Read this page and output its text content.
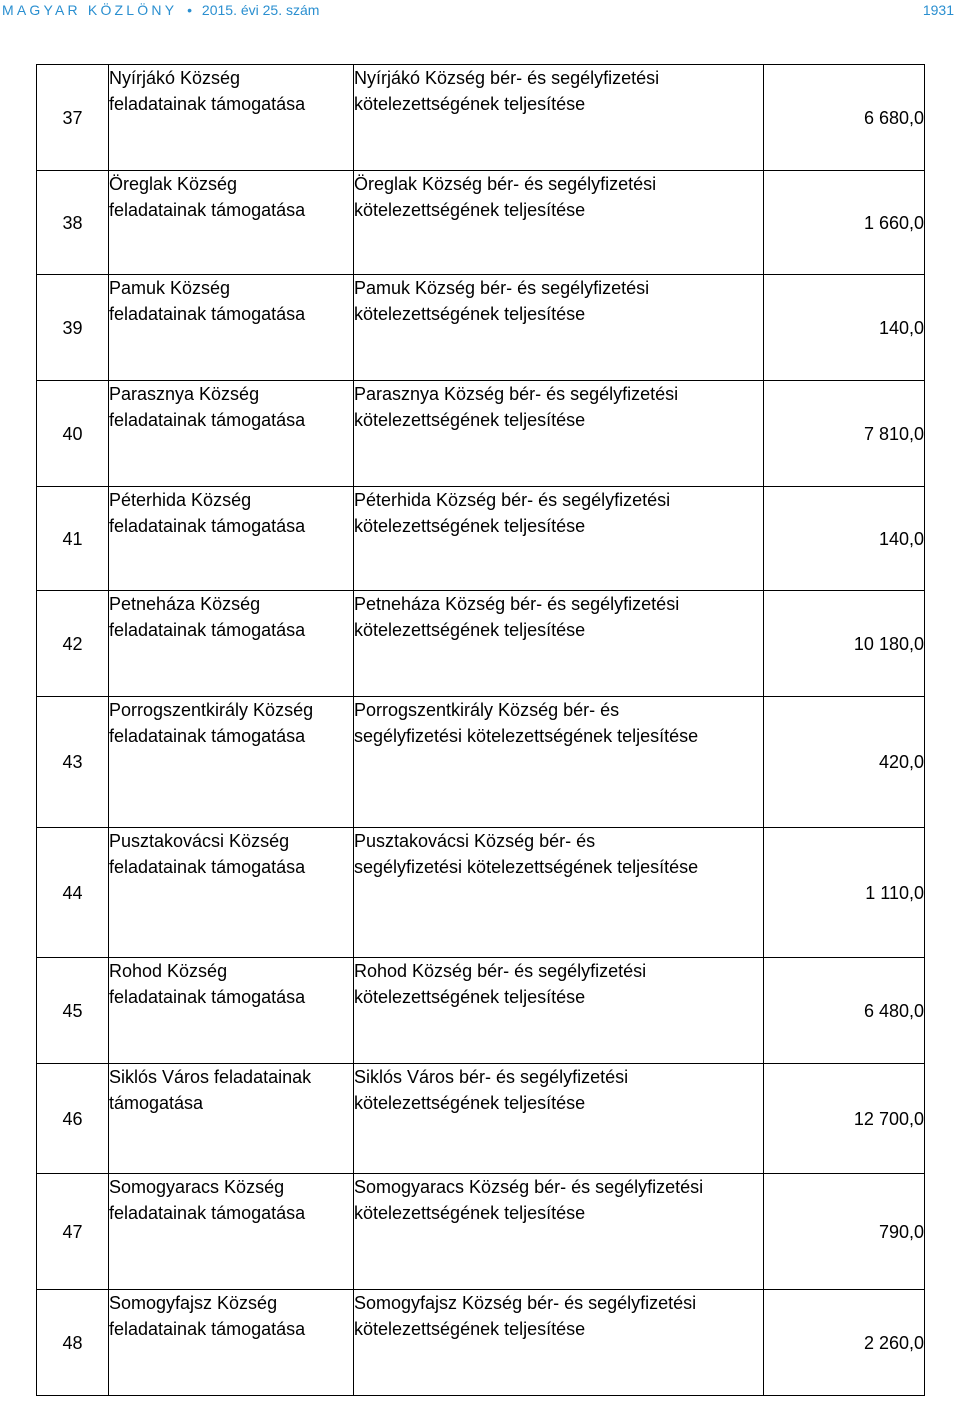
MAGYAR KÖZLÖNY • 2015. évi 25. szám	1931
37	Nyírjákó Község
feladatainak támogatása	Nyírjákó Község bér- és segélyfizetési
kötelezettségének teljesítése	6 680,0
38	Öreglak Község
feladatainak támogatása	Öreglak Község bér- és segélyfizetési
kötelezettségének teljesítése	1 660,0
39	Pamuk Község
feladatainak támogatása	Pamuk Község bér- és segélyfizetési
kötelezettségének teljesítése	140,0
40	Parasznya Község
feladatainak támogatása	Parasznya Község bér- és segélyfizetési
kötelezettségének teljesítése	7 810,0
41	Péterhida Község
feladatainak támogatása	Péterhida Község bér- és segélyfizetési
kötelezettségének teljesítése	140,0
42	Petneháza Község
feladatainak támogatása	Petneháza Község bér- és segélyfizetési
kötelezettségének teljesítése	10 180,0
43	Porrogszentkirály Község
feladatainak támogatása	Porrogszentkirály Község bér- és
segélyfizetési kötelezettségének teljesítése	420,0
44	Pusztakovácsi Község
feladatainak támogatása	Pusztakovácsi Község bér- és
segélyfizetési kötelezettségének teljesítése	1 110,0
45	Rohod Község
feladatainak támogatása	Rohod Község bér- és segélyfizetési
kötelezettségének teljesítése	6 480,0
46	Siklós Város feladatainak
támogatása	Siklós Város bér- és segélyfizetési
kötelezettségének teljesítése	12 700,0
47	Somogyaracs Község
feladatainak támogatása	Somogyaracs Község bér- és segélyfizetési
kötelezettségének teljesítése	790,0
48	Somogyfajsz Község
feladatainak támogatása	Somogyfajsz Község bér- és segélyfizetési
kötelezettségének teljesítése	2 260,0
